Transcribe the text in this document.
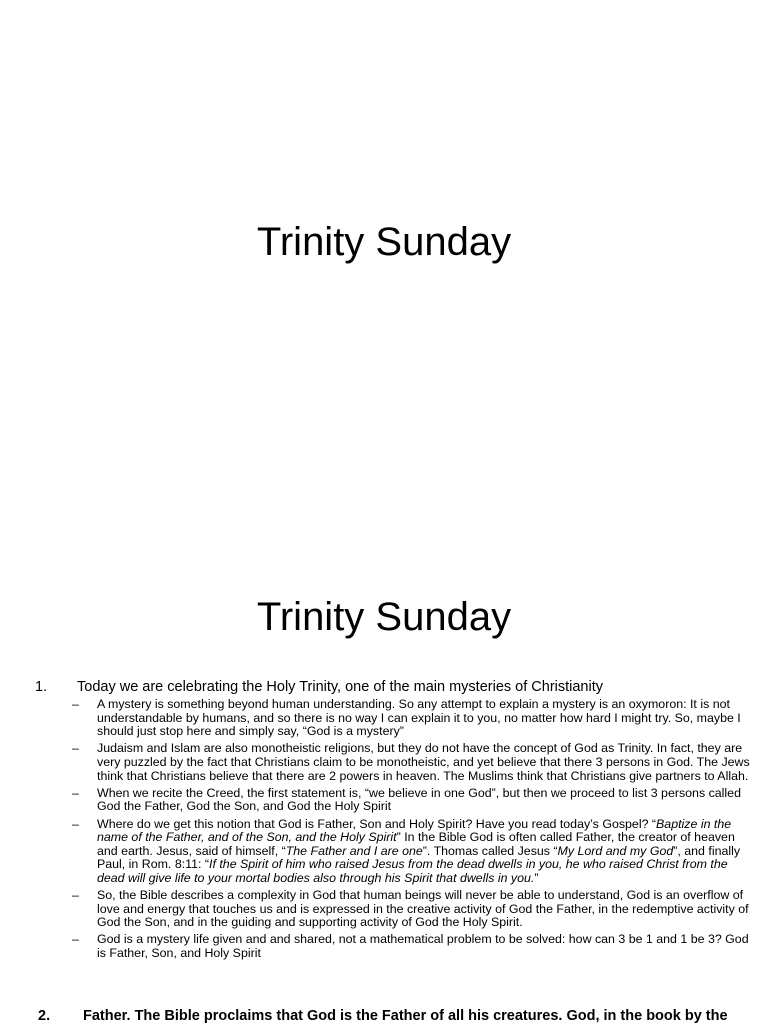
Trinity Sunday
Trinity Sunday
1. Today we are celebrating the Holy Trinity, one of the main mysteries of Christianity
– A mystery is something beyond human understanding. So any attempt to explain a mystery is an oxymoron: It is not understandable by humans, and so there is no way I can explain it to you, no matter how hard I might try. So, maybe I should just stop here and simply say, “God is a mystery”
– Judaism and Islam are also monotheistic religions, but they do not have the concept of God as Trinity. In fact, they are very puzzled by the fact that Christians claim to be monotheistic, and yet believe that there 3 persons in God. The Jews think that Christians believe that there are 2 powers in heaven. The Muslims think that Christians give partners to Allah.
– When we recite the Creed, the first statement is, “we believe in one God”, but then we proceed to list 3 persons called God the Father, God the Son, and God the Holy Spirit
– Where do we get this notion that God is Father, Son and Holy Spirit? Have you read today’s Gospel? “Baptize in the name of the Father, and of the Son, and the Holy Spirit” In the Bible God is often called Father, the creator of heaven and earth. Jesus, said of himself, “The Father and I are one”. Thomas called Jesus “My Lord and my God”, and finally Paul, in Rom. 8:11: “If the Spirit of him who raised Jesus from the dead dwells in you, he who raised Christ from the dead will give life to your mortal bodies also through his Spirit that dwells in you.”
– So, the Bible describes a complexity in God that human beings will never be able to understand, God is an overflow of love and energy that touches us and is expressed in the creative activity of God the Father, in the redemptive activity of God the Son, and in the guiding and supporting activity of God the Holy Spirit.
– God is a mystery life given and and shared, not a mathematical problem to be solved: how can 3 be 1 and 1 be 3? God is Father, Son, and Holy Spirit
2. Father. The Bible proclaims that God is the Father of all his creatures. God, in the book by the
